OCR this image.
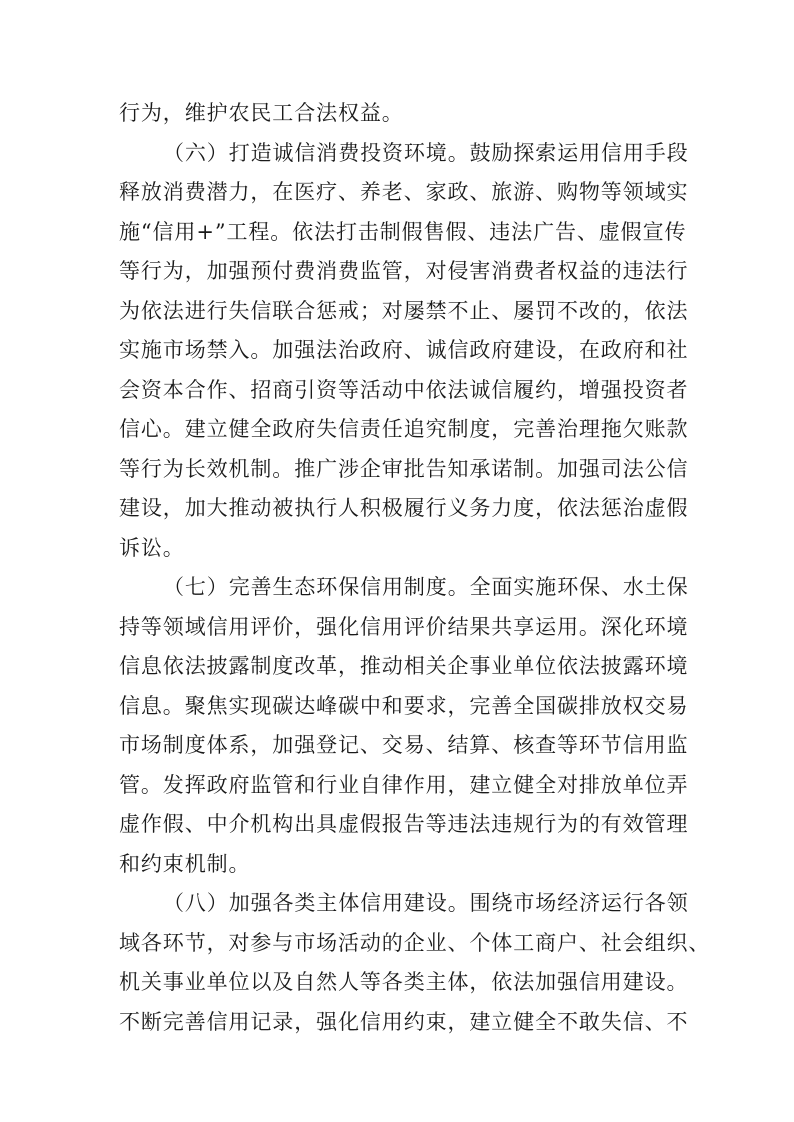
行为，维护农民工合法权益。

（六）打造诚信消费投资环境。鼓励探索运用信用手段
释放消费潜力，在医疗、养老、家政、旅游、购物等领域实
施“信用+”工程。依法打击制假售假、违法广告、虚假宣传
等行为，加强预付费消费监管，对侵害消费者权益的违法行
为依法进行失信联合惩戒；对屡禁不止、屡罚不改的，依法
实施市场禁入。加强法治政府、诚信政府建设，在政府和社
会资本合作、招商引资等活动中依法诚信履约，增强投资者
信心。建立健全政府失信责任追究制度，完善治理拖欠账款
等行为长效机制。推广涉企审批告知承诺制。加强司法公信
建设，加大推动被执行人积极履行义务力度，依法惩治虚假
诉讼。

（七）完善生态环保信用制度。全面实施环保、水土保
持等领域信用评价，强化信用评价结果共享运用。深化环境
信息依法披露制度改革，推动相关企事业单位依法披露环境
信息。聚焦实现碳达峰碳中和要求，完善全国碳排放权交易
市场制度体系，加强登记、交易、结算、核查等环节信用监
管。发挥政府监管和行业自律作用，建立健全对排放单位弄
虚作假、中介机构出具虚假报告等违法违规行为的有效管理
和约束机制。

（八）加强各类主体信用建设。围绕市场经济运行各领
域各环节，对参与市场活动的企业、个体工商户、社会组织、
机关事业单位以及自然人等各类主体，依法加强信用建设。
不断完善信用记录，强化信用约束，建立健全不敢失信、不
